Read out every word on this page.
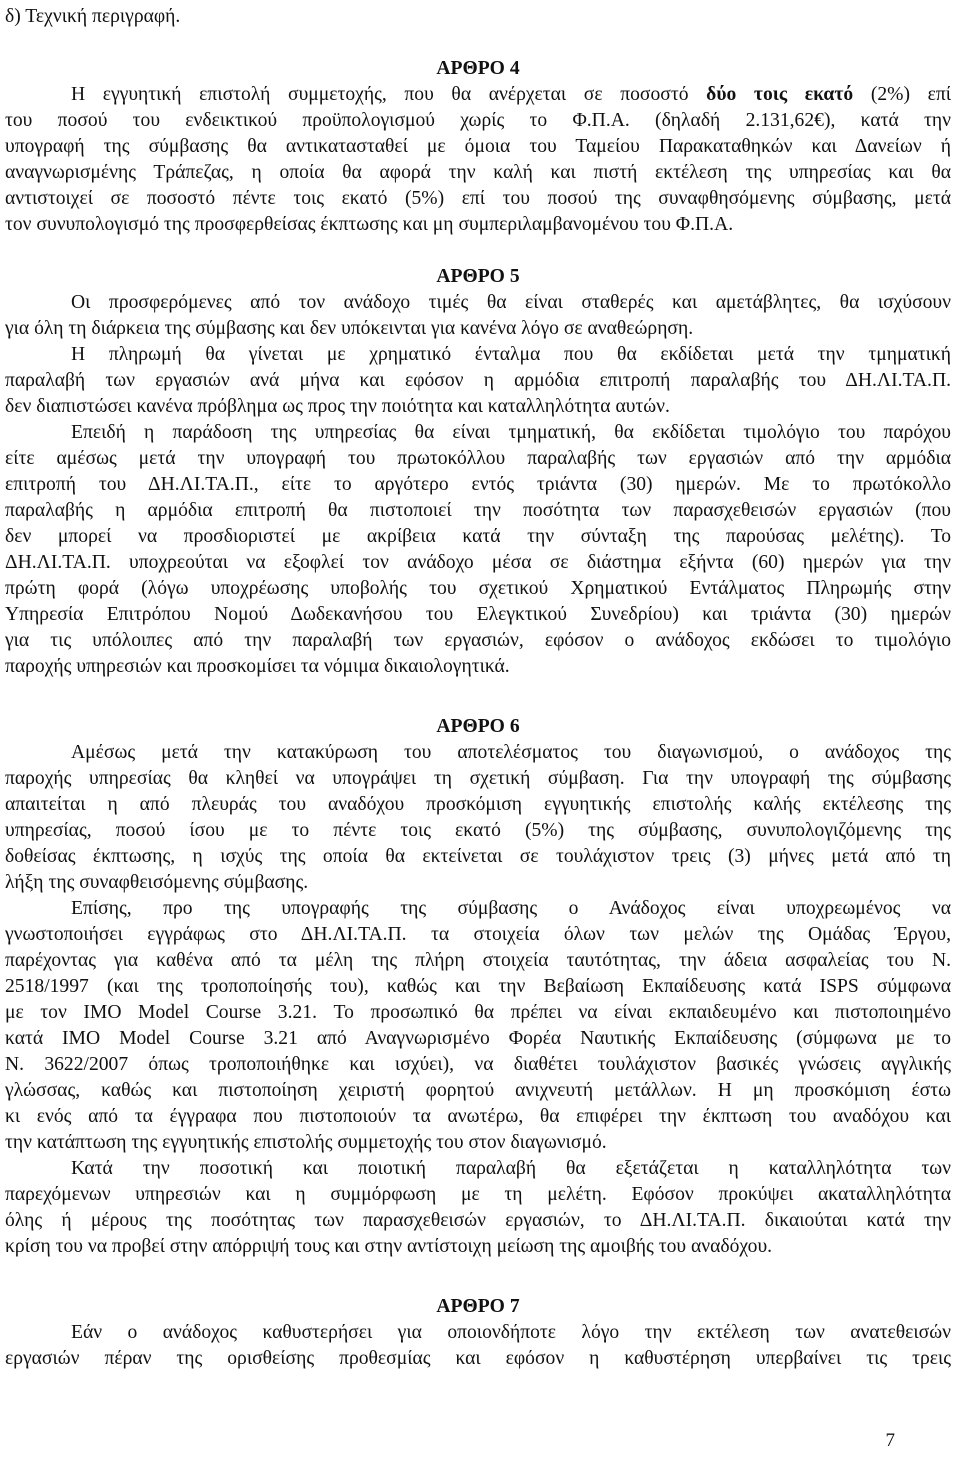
δ) Τεχνική περιγραφή.
ΑΡΘΡΟ 4
Η εγγυητική επιστολή συμμετοχής, που θα ανέρχεται σε ποσοστό δύο τοις εκατό (2%) επί
του ποσού του ενδεικτικού προϋπολογισμού χωρίς το Φ.Π.Α. (δηλαδή 2.131,62€), κατά την
υπογραφή της σύμβασης θα αντικατασταθεί με όμοια του Ταμείου Παρακαταθηκών και Δανείων ή
αναγνωρισμένης Τράπεζας, η οποία θα αφορά την καλή και πιστή εκτέλεση της υπηρεσίας και θα
αντιστοιχεί σε ποσοστό πέντε τοις εκατό (5%) επί του ποσού της συναφθησόμενης σύμβασης, μετά
τον συνυπολογισμό της προσφερθείσας έκπτωσης και μη συμπεριλαμβανομένου του Φ.Π.Α.
ΑΡΘΡΟ 5
Οι προσφερόμενες από τον ανάδοχο τιμές θα είναι σταθερές και αμετάβλητες, θα ισχύσουν
για όλη τη διάρκεια της σύμβασης και δεν υπόκεινται για κανένα λόγο σε αναθεώρηση.
Η πληρωμή θα γίνεται με χρηματικό ένταλμα που θα εκδίδεται μετά την τμηματική
παραλαβή των εργασιών ανά μήνα και εφόσον η αρμόδια επιτροπή παραλαβής του ΔΗ.ΛΙ.ΤΑ.Π.
δεν διαπιστώσει κανένα πρόβλημα ως προς την ποιότητα και καταλληλότητα αυτών.
Επειδή η παράδοση της υπηρεσίας θα είναι τμηματική, θα εκδίδεται τιμολόγιο του παρόχου
είτε αμέσως μετά την υπογραφή του πρωτοκόλλου παραλαβής των εργασιών από την αρμόδια
επιτροπή του ΔΗ.ΛΙ.ΤΑ.Π., είτε το αργότερο εντός τριάντα (30) ημερών. Με το πρωτόκολλο
παραλαβής η αρμόδια επιτροπή θα πιστοποιεί την ποσότητα των παρασχεθεισών εργασιών (που
δεν μπορεί να προσδιοριστεί με ακρίβεια κατά την σύνταξη της παρούσας μελέτης). Το
ΔΗ.ΛΙ.ΤΑ.Π. υποχρεούται να εξοφλεί τον ανάδοχο μέσα σε διάστημα εξήντα (60) ημερών για την
πρώτη φορά (λόγω υποχρέωσης υποβολής του σχετικού Χρηματικού Εντάλματος Πληρωμής στην
Υπηρεσία Επιτρόπου Νομού Δωδεκανήσου του Ελεγκτικού Συνεδρίου) και τριάντα (30) ημερών
για τις υπόλοιπες από την παραλαβή των εργασιών, εφόσον ο ανάδοχος εκδώσει το τιμολόγιο
παροχής υπηρεσιών και προσκομίσει τα νόμιμα δικαιολογητικά.
ΑΡΘΡΟ 6
Αμέσως μετά την κατακύρωση του αποτελέσματος του διαγωνισμού, ο ανάδοχος της
παροχής υπηρεσίας θα κληθεί να υπογράψει τη σχετική σύμβαση. Για την υπογραφή της σύμβασης
απαιτείται η από πλευράς του αναδόχου προσκόμιση εγγυητικής επιστολής καλής εκτέλεσης της
υπηρεσίας, ποσού ίσου με το πέντε τοις εκατό (5%) της σύμβασης, συνυπολογιζόμενης της
δοθείσας έκπτωσης, η ισχύς της οποία θα εκτείνεται σε τουλάχιστον τρεις (3) μήνες μετά από τη
λήξη της συναφθεισόμενης σύμβασης.
Επίσης, προ της υπογραφής της σύμβασης ο Ανάδοχος είναι υποχρεωμένος να
γνωστοποιήσει εγγράφως στο ΔΗ.ΛΙ.ΤΑ.Π. τα στοιχεία όλων των μελών της Ομάδας Έργου,
παρέχοντας για καθένα από τα μέλη της πλήρη στοιχεία ταυτότητας, την άδεια ασφαλείας του Ν.
2518/1997 (και της τροποποίησής του), καθώς και την Βεβαίωση Εκπαίδευσης κατά ISPS σύμφωνα
με τον IMO Model Course 3.21. Το προσωπικό θα πρέπει να είναι εκπαιδευμένο και πιστοποιημένο
κατά IMO Model Course 3.21 από Αναγνωρισμένο Φορέα Ναυτικής Εκπαίδευσης (σύμφωνα με το
Ν. 3622/2007 όπως τροποποιήθηκε και ισχύει), να διαθέτει τουλάχιστον βασικές γνώσεις αγγλικής
γλώσσας, καθώς και πιστοποίηση χειριστή φορητού ανιχνευτή μετάλλων. Η μη προσκόμιση έστω
κι ενός από τα έγγραφα που πιστοποιούν τα ανωτέρω, θα επιφέρει την έκπτωση του αναδόχου και
την κατάπτωση της εγγυητικής επιστολής συμμετοχής του στον διαγωνισμό.
Κατά την ποσοτική και ποιοτική παραλαβή θα εξετάζεται η καταλληλότητα των
παρεχόμενων υπηρεσιών και η συμμόρφωση με τη μελέτη. Εφόσον προκύψει ακαταλληλότητα
όλης ή μέρους της ποσότητας των παρασχεθεισών εργασιών, το ΔΗ.ΛΙ.ΤΑ.Π. δικαιούται κατά την
κρίση του να προβεί στην απόρριψή τους και στην αντίστοιχη μείωση της αμοιβής του αναδόχου.
ΑΡΘΡΟ 7
Εάν ο ανάδοχος καθυστερήσει για οποιονδήποτε λόγο την εκτέλεση των ανατεθεισών
εργασιών πέραν της ορισθείσης προθεσμίας και εφόσον η καθυστέρηση υπερβαίνει τις τρεις
7
